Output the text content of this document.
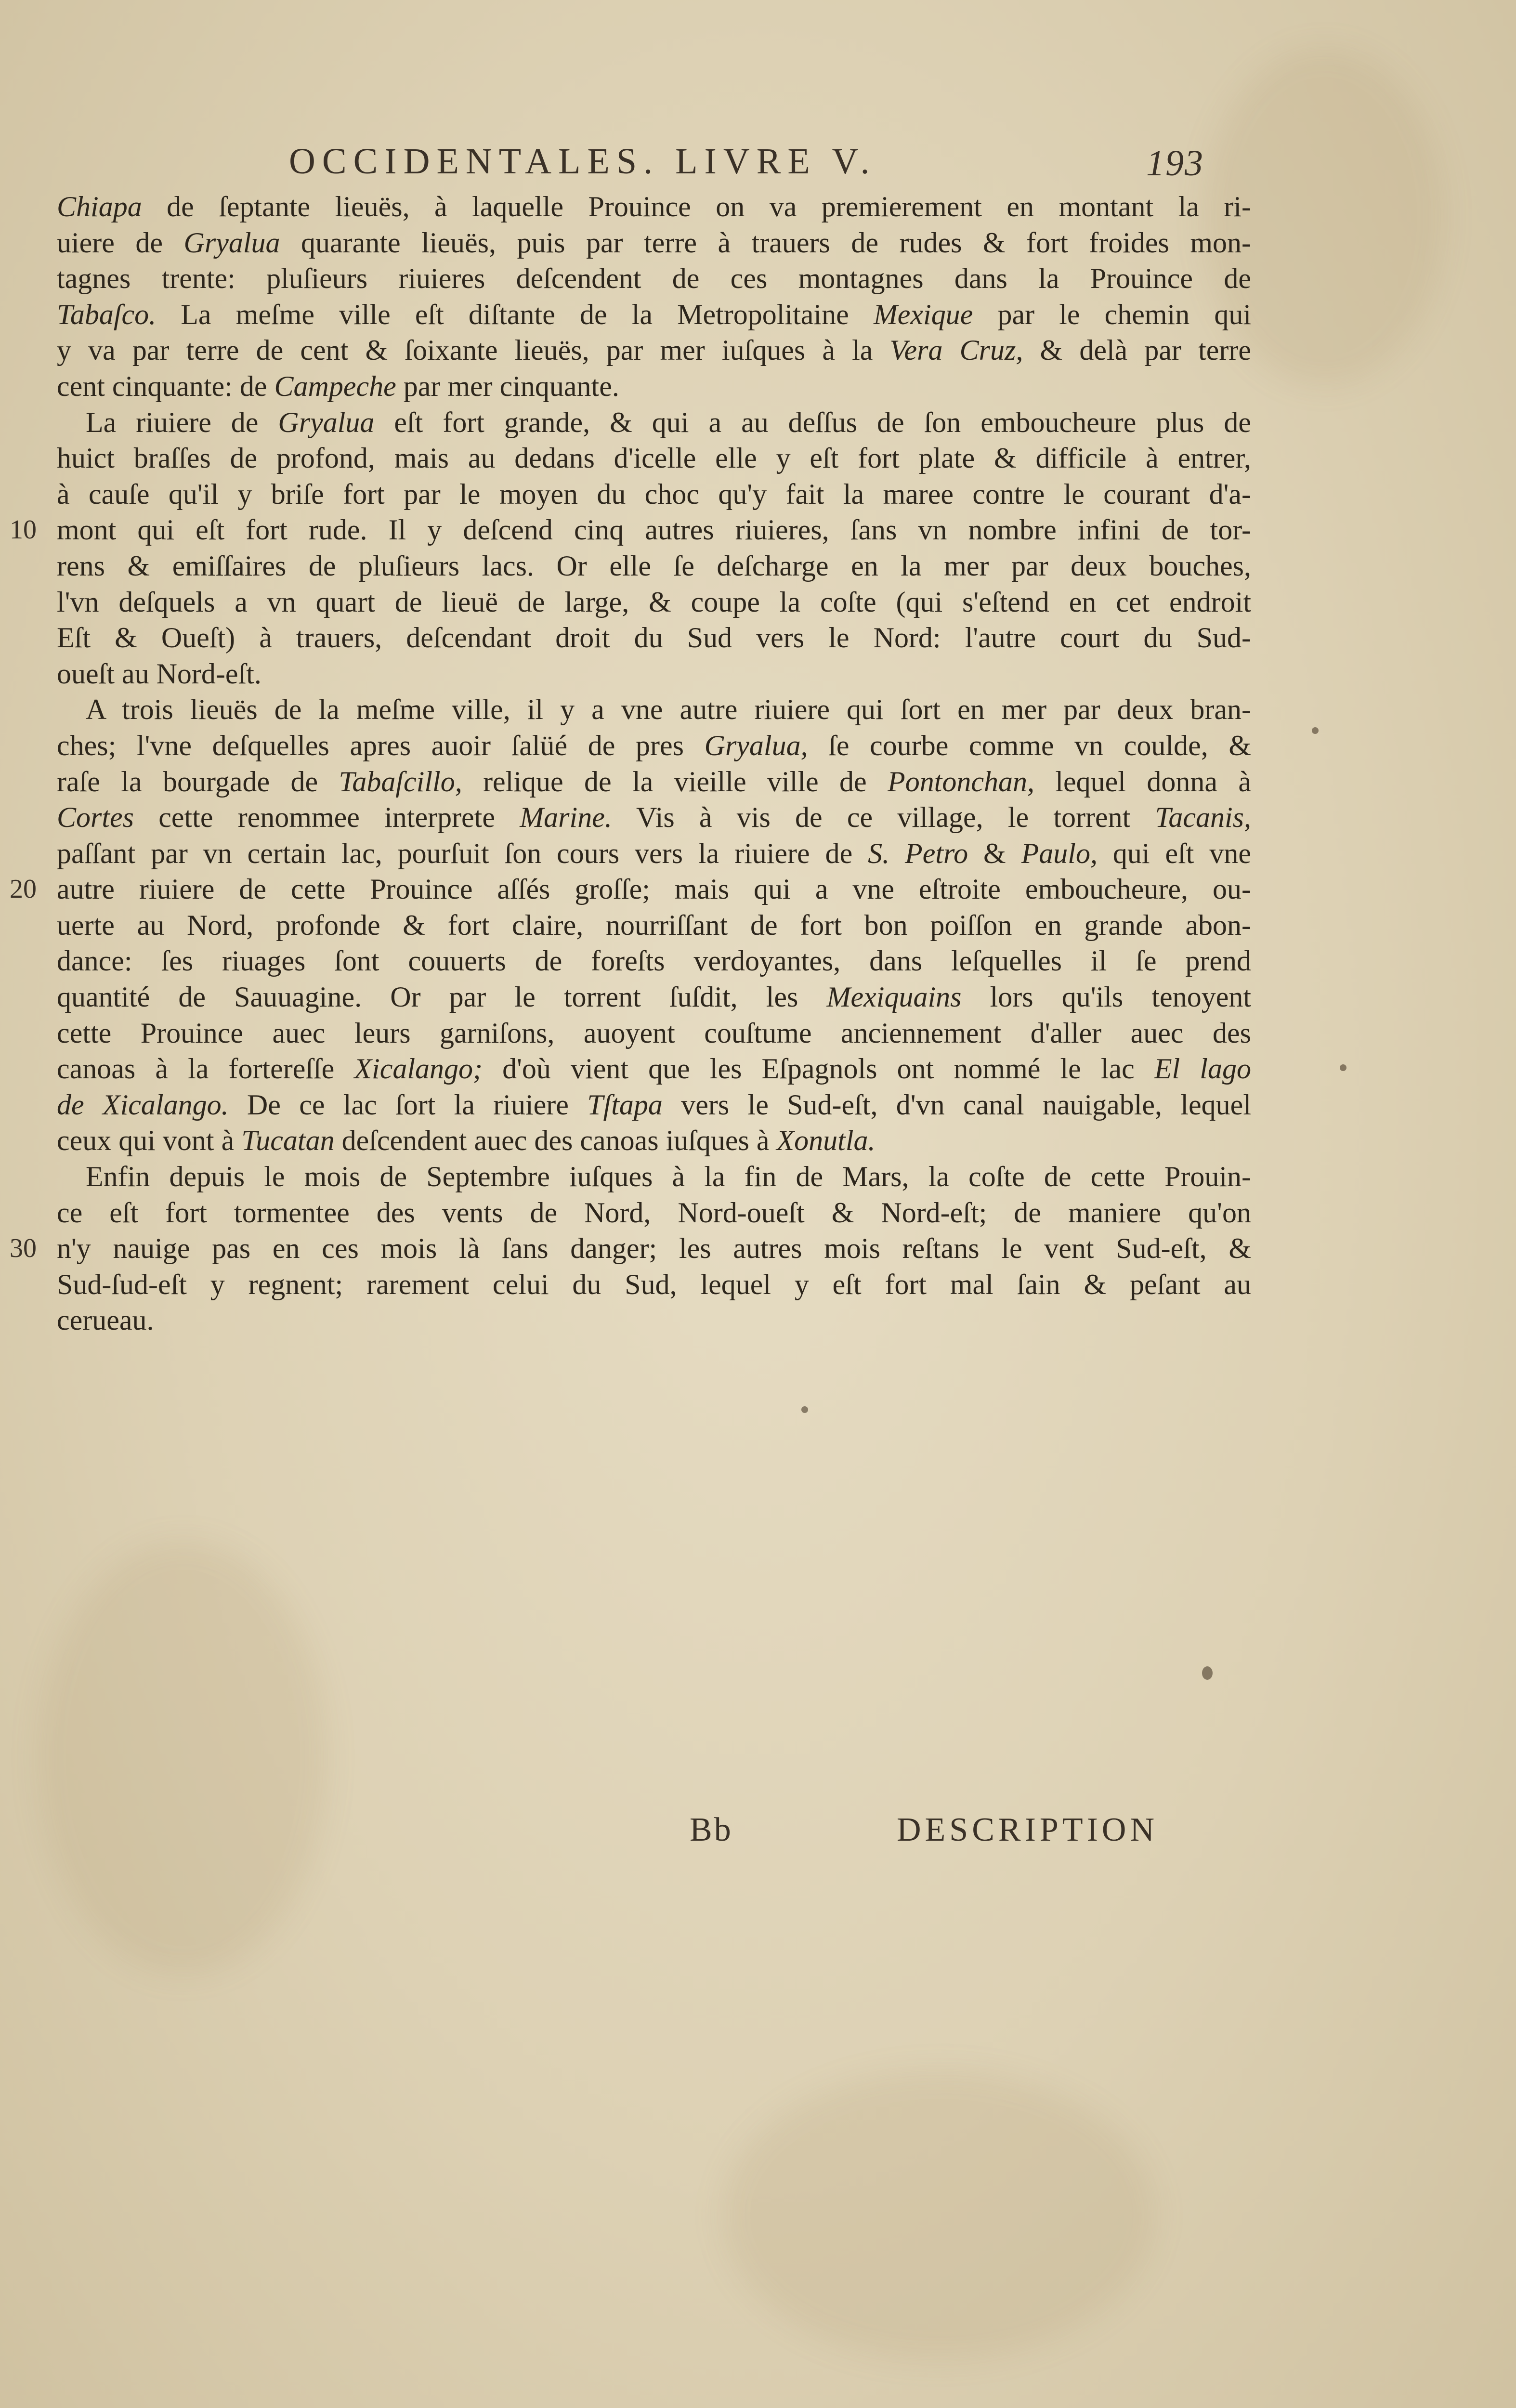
OCCIDENTALES. LIVRE V.	193
Chiapa de ſeptante lieuës, à laquelle Prouince on va premierement en montant la ri-
uiere de Gryalua quarante lieuës, puis par terre à trauers de rudes & fort froides mon-
tagnes trente: pluſieurs riuieres deſcendent de ces montagnes dans la Prouince de
Tabaſco. La meſme ville eſt diſtante de la Metropolitaine Mexique par le chemin qui
y va par terre de cent & ſoixante lieuës, par mer iuſques à la Vera Cruz, & delà par terre
cent cinquante: de Campeche par mer cinquante.
La riuiere de Gryalua eſt fort grande, & qui a au deſſus de ſon emboucheure plus de
huict braſſes de profond, mais au dedans d'icelle elle y eſt fort plate & difficile à entrer,
à cauſe qu'il y briſe fort par le moyen du choc qu'y fait la maree contre le courant d'a-
10 mont qui eſt fort rude. Il y deſcend cinq autres riuieres, ſans vn nombre infini de tor-
rens & emiſſaires de pluſieurs lacs. Or elle ſe deſcharge en la mer par deux bouches,
l'vn deſquels a vn quart de lieuë de large, & coupe la coſte (qui s'eſtend en cet endroit
Eſt & Oueſt) à trauers, deſcendant droit du Sud vers le Nord: l'autre court du Sud-
oueſt au Nord-eſt.
A trois lieuës de la meſme ville, il y a vne autre riuiere qui ſort en mer par deux bran-
ches; l'vne deſquelles apres auoir ſalüé de pres Gryalua, ſe courbe comme vn coulde, &
raſe la bourgade de Tabaſcillo, relique de la vieille ville de Pontonchan, lequel donna à
Cortes cette renommee interprete Marine. Vis à vis de ce village, le torrent Tacanis,
paſſant par vn certain lac, pourſuit ſon cours vers la riuiere de S. Petro & Paulo, qui eſt vne
20 autre riuiere de cette Prouince aſſés groſſe; mais qui a vne eſtroite emboucheure, ou-
uerte au Nord, profonde & fort claire, nourriſſant de fort bon poiſſon en grande abon-
dance: ſes riuages ſont couuerts de foreſts verdoyantes, dans leſquelles il ſe prend
quantité de Sauuagine. Or par le torrent ſuſdit, les Mexiquains lors qu'ils tenoyent
cette Prouince auec leurs garniſons, auoyent couſtume anciennement d'aller auec des
canoas à la fortereſſe Xicalango; d'où vient que les Eſpagnols ont nommé le lac El lago
de Xicalango. De ce lac ſort la riuiere Tſtapa vers le Sud-eſt, d'vn canal nauigable, lequel
ceux qui vont à Tucatan deſcendent auec des canoas iuſques à Xonutla.
Enfin depuis le mois de Septembre iuſques à la fin de Mars, la coſte de cette Prouin-
ce eſt fort tormentee des vents de Nord, Nord-oueſt & Nord-eſt; de maniere qu'on
30 n'y nauige pas en ces mois là ſans danger; les autres mois reſtans le vent Sud-eſt, &
Sud-ſud-eſt y regnent; rarement celui du Sud, lequel y eſt fort mal ſain & peſant au
cerueau.
Bb	DESCRIPTION
